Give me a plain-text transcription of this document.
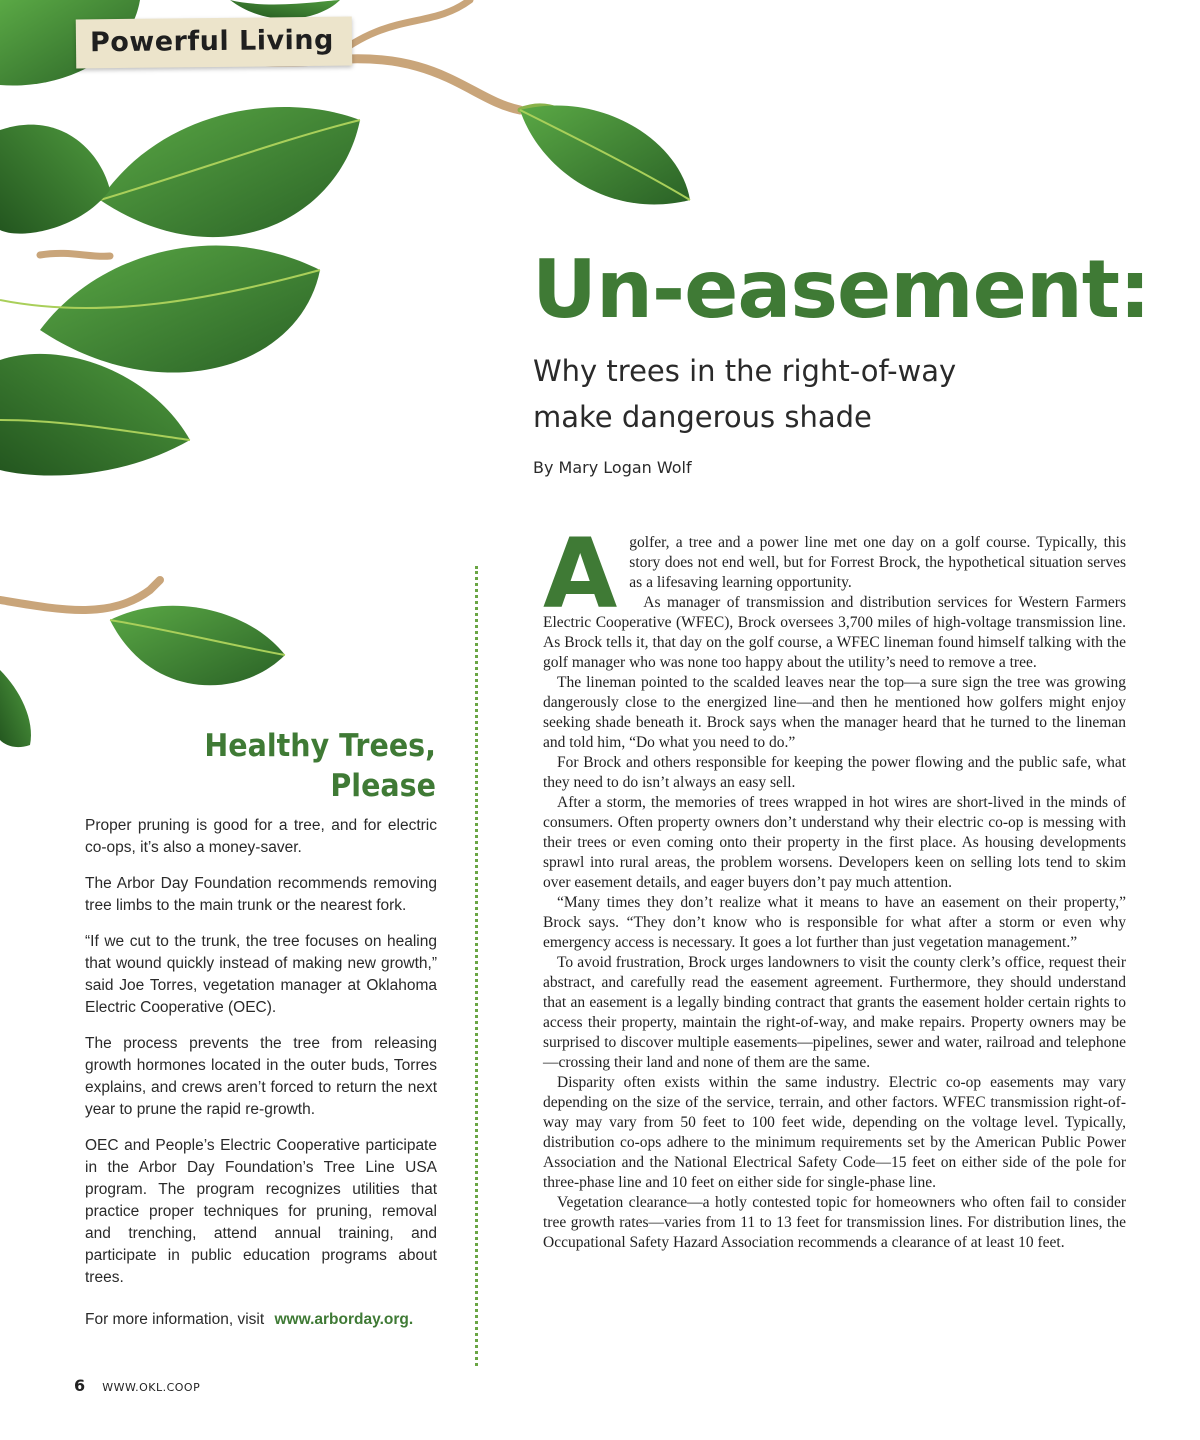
Powerful Living
Un-easement:
Why trees in the right-of-way
make dangerous shade
By Mary Logan Wolf
Healthy Trees, Please

Proper pruning is good for a tree, and for electric co-ops, it’s also a money-saver.

The Arbor Day Foundation recommends removing tree limbs to the main trunk or the nearest fork.

“If we cut to the trunk, the tree focuses on healing that wound quickly instead of making new growth,” said Joe Torres, vegetation manager at Oklahoma Electric Cooperative (OEC).

The process prevents the tree from releasing growth hormones located in the outer buds, Torres explains, and crews aren’t forced to return the next year to prune the rapid re-growth.

OEC and People’s Electric Cooperative participate in the Arbor Day Foundation’s Tree Line USA program. The program recognizes utilities that practice proper techniques for pruning, removal and trenching, attend annual training, and participate in public education programs about trees.

For more information, visit www.arborday.org.

Agolfer, a tree and a power line met one day on a golf course. Typically, this story does not end well, but for Forrest Brock, the hypothetical situation serves as a lifesaving learning opportunity.

As manager of transmission and distribution services for Western Farmers Electric Cooperative (WFEC), Brock oversees 3,700 miles of high-voltage transmission line. As Brock tells it, that day on the golf course, a WFEC lineman found himself talking with the golf manager who was none too happy about the utility’s need to remove a tree.

The lineman pointed to the scalded leaves near the top—a sure sign the tree was growing dangerously close to the energized line—and then he mentioned how golfers might enjoy seeking shade beneath it. Brock says when the manager heard that he turned to the lineman and told him, “Do what you need to do.”

For Brock and others responsible for keeping the power flowing and the public safe, what they need to do isn’t always an easy sell.

After a storm, the memories of trees wrapped in hot wires are short-lived in the minds of consumers. Often property owners don’t understand why their electric co-op is messing with their trees or even coming onto their property in the first place. As housing developments sprawl into rural areas, the problem worsens. Developers keen on selling lots tend to skim over easement details, and eager buyers don’t pay much attention.

“Many times they don’t realize what it means to have an easement on their property,” Brock says. “They don’t know who is responsible for what after a storm or even why emergency access is necessary. It goes a lot further than just vegetation management.”

To avoid frustration, Brock urges landowners to visit the county clerk’s office, request their abstract, and carefully read the easement agreement. Furthermore, they should understand that an easement is a legally binding contract that grants the easement holder certain rights to access their property, maintain the right-of-way, and make repairs. Property owners may be surprised to discover multiple easements—pipelines, sewer and water, railroad and telephone—crossing their land and none of them are the same.

Disparity often exists within the same industry. Electric co-op easements may vary depending on the size of the service, terrain, and other factors. WFEC transmission right-of-way may vary from 50 feet to 100 feet wide, depending on the voltage level. Typically, distribution co-ops adhere to the minimum requirements set by the American Public Power Association and the National Electrical Safety Code—15 feet on either side of the pole for three-phase line and 10 feet on either side for single-phase line.

Vegetation clearance—a hotly contested topic for homeowners who often fail to consider tree growth rates—varies from 11 to 13 feet for transmission lines. For distribution lines, the Occupational Safety Hazard Association recommends a clearance of at least 10 feet.

6 WWW.OKL.COOP
